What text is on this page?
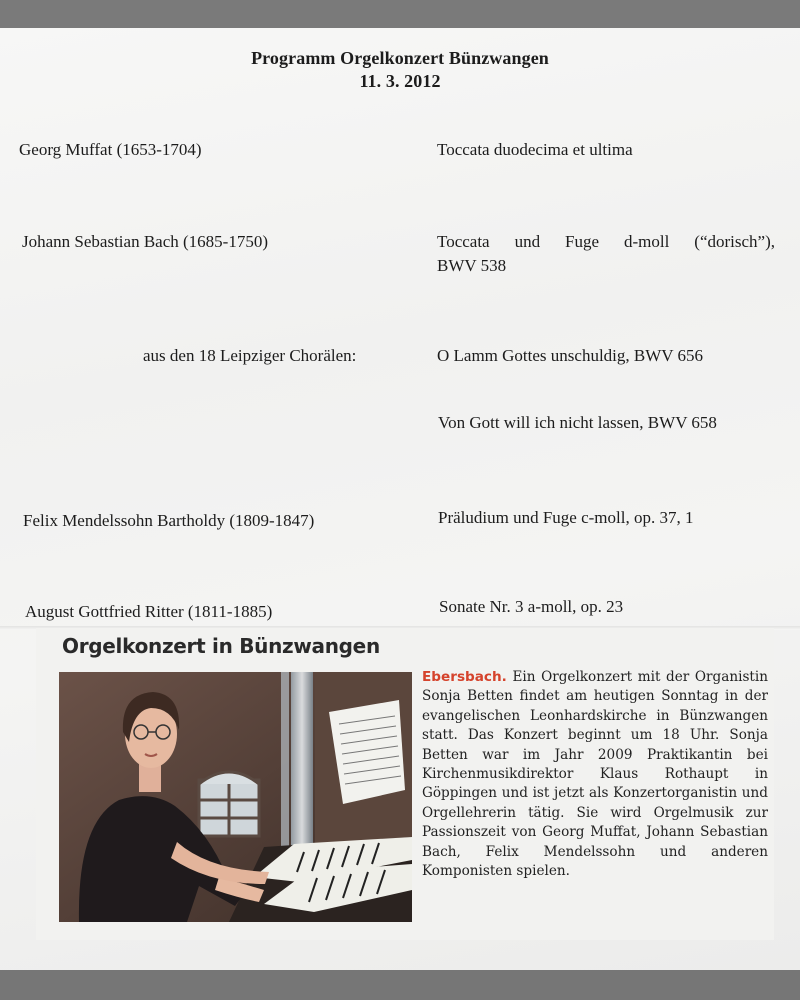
Programm Orgelkonzert Bünzwangen
11. 3. 2012
Georg Muffat (1653-1704)	Toccata duodecima et ultima
Johann Sebastian Bach (1685-1750)	Toccata und Fuge d-moll (“dorisch”),
BWV 538
aus den 18 Leipziger Chorälen:	O Lamm Gottes unschuldig, BWV 656
Von Gott will ich nicht lassen, BWV 658
Felix Mendelssohn Bartholdy (1809-1847)	Präludium und Fuge c-moll, op. 37, 1
August Gottfried Ritter (1811-1885)	Sonate Nr. 3 a-moll, op. 23
Orgelkonzert in Bünzwangen
Ebersbach. Ein Orgelkonzert mit der Organistin Sonja Betten findet am heutigen Sonntag in der evangelischen Leonhardskirche in Bünzwangen statt. Das Konzert beginnt um 18 Uhr. Sonja Betten war im Jahr 2009 Praktikantin bei Kirchenmusikdirektor Klaus Rothaupt in Göppingen und ist jetzt als Konzertorganistin und Orgellehrerin tätig. Sie wird Orgelmusik zur Passionszeit von Georg Muffat, Johann Sebastian Bach, Felix Mendelssohn und anderen Komponisten spielen.
